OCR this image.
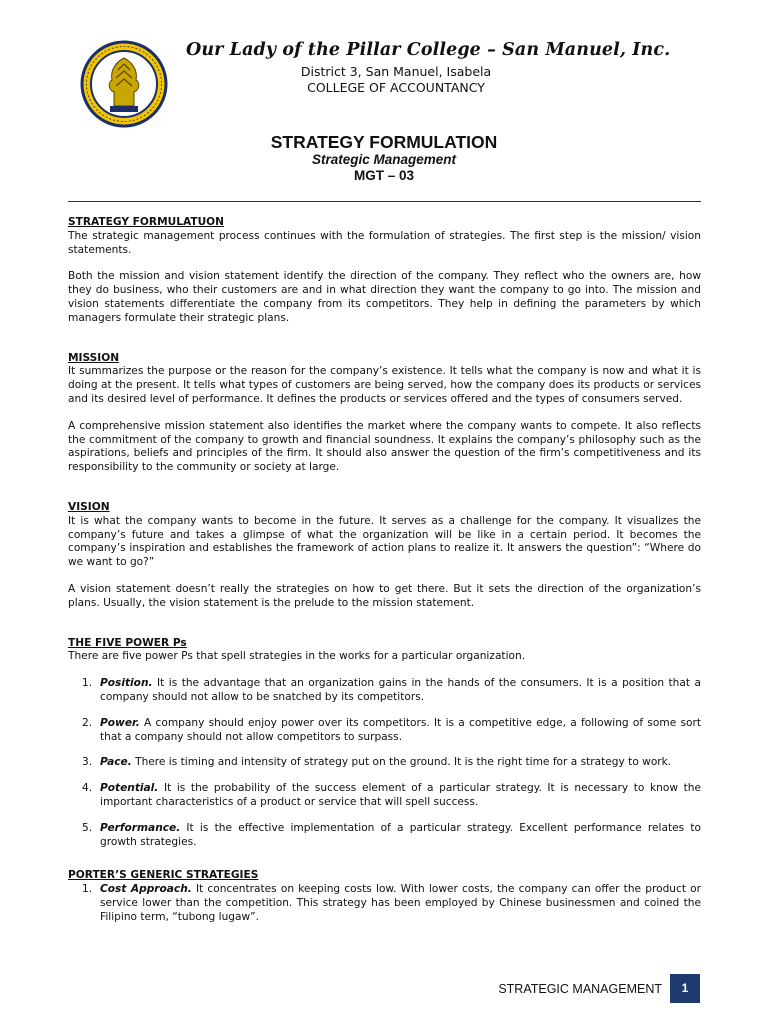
Our Lady of the Pillar College – San Manuel, Inc.
District 3, San Manuel, Isabela
COLLEGE OF ACCOUNTANCY
STRATEGY FORMULATION
Strategic Management
MGT – 03
STRATEGY FORMULATUON

The strategic management process continues with the formulation of strategies. The first step is the mission/ vision statements.

Both the mission and vision statement identify the direction of the company. They reflect who the owners are, how they do business, who their customers are and in what direction they want the company to go into. The mission and vision statements differentiate the company from its competitors. They help in defining the parameters by which managers formulate their strategic plans.

MISSION

It summarizes the purpose or the reason for the company’s existence. It tells what the company is now and what it is doing at the present. It tells what types of customers are being served, how the company does its products or services and its desired level of performance. It defines the products or services offered and the types of consumers served.

A comprehensive mission statement also identifies the market where the company wants to compete. It also reflects the commitment of the company to growth and financial soundness. It explains the company’s philosophy such as the aspirations, beliefs and principles of the firm. It should also answer the question of the firm’s competitiveness and its responsibility to the community or society at large.

VISION

It is what the company wants to become in the future. It serves as a challenge for the company. It visualizes the company’s future and takes a glimpse of what the organization will be like in a certain period. It becomes the company’s inspiration and establishes the framework of action plans to realize it. It answers the question”: “Where do we want to go?”

A vision statement doesn’t really the strategies on how to get there. But it sets the direction of the organization’s plans. Usually, the vision statement is the prelude to the mission statement.

THE FIVE POWER Ps

There are five power Ps that spell strategies in the works for a particular organization.

1. Position. It is the advantage that an organization gains in the hands of the consumers. It is a position that a company should not allow to be snatched by its competitors.
2. Power. A company should enjoy power over its competitors. It is a competitive edge, a following of some sort that a company should not allow competitors to surpass.
3. Pace. There is timing and intensity of strategy put on the ground. It is the right time for a strategy to work.
4. Potential. It is the probability of the success element of a particular strategy. It is necessary to know the important characteristics of a product or service that will spell success.
5. Performance. It is the effective implementation of a particular strategy. Excellent performance relates to growth strategies.
PORTER’S GENERIC STRATEGIES
1. Cost Approach. It concentrates on keeping costs low. With lower costs, the company can offer the product or service lower than the competition. This strategy has been employed by Chinese businessmen and coined the Filipino term, “tubong lugaw”.
STRATEGIC MANAGEMENT	1
